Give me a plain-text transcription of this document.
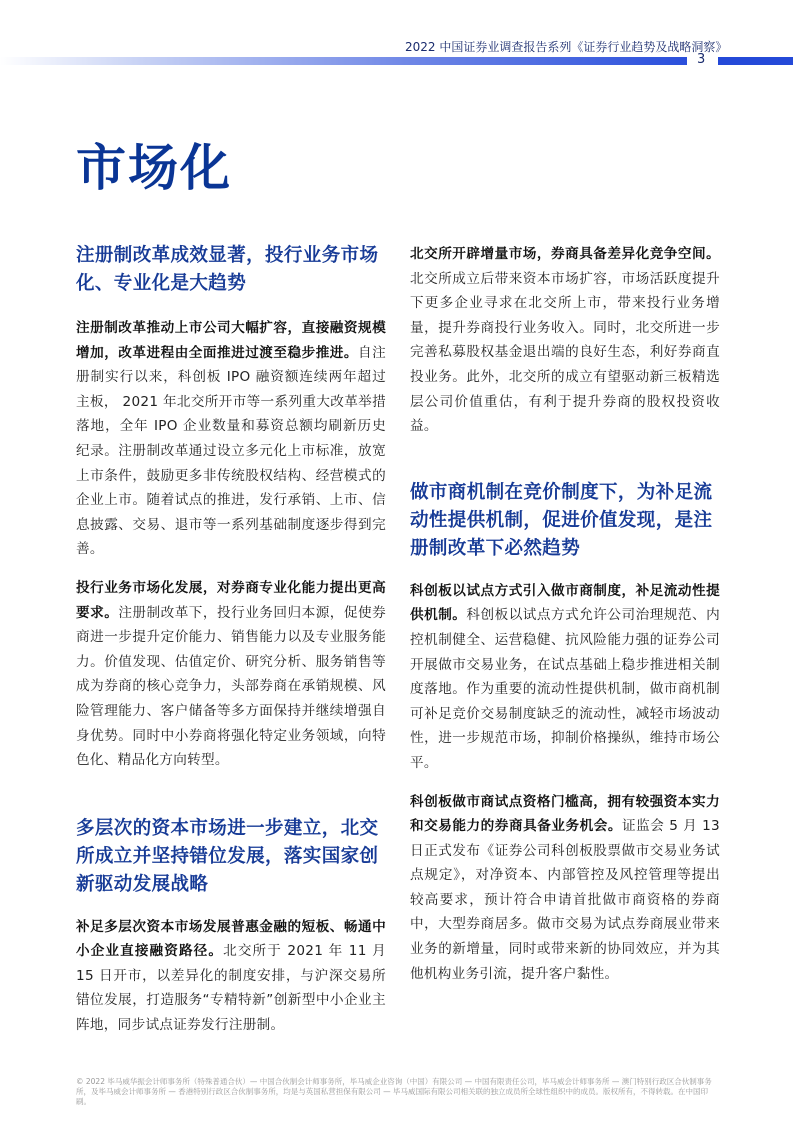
2022 中国证券业调查报告系列《证券行业趋势及战略洞察》
3
市场化
注册制改革成效显著，投行业务市场化、专业化是大趋势
注册制改革推动上市公司大幅扩容，直接融资规模增加，改革进程由全面推进过渡至稳步推进。自注册制实行以来，科创板 IPO 融资额连续两年超过主板， 2021 年北交所开市等一系列重大改革举措落地，全年 IPO 企业数量和募资总额均刷新历史纪录。注册制改革通过设立多元化上市标准，放宽上市条件，鼓励更多非传统股权结构、经营模式的企业上市。随着试点的推进，发行承销、上市、信息披露、交易、退市等一系列基础制度逐步得到完善。
投行业务市场化发展，对券商专业化能力提出更高要求。注册制改革下，投行业务回归本源，促使券商进一步提升定价能力、销售能力以及专业服务能力。价值发现、估值定价、研究分析、服务销售等成为券商的核心竞争力，头部券商在承销规模、风险管理能力、客户储备等多方面保持并继续增强自身优势。同时中小券商将强化特定业务领域，向特色化、精品化方向转型。
多层次的资本市场进一步建立，北交所成立并坚持错位发展，落实国家创新驱动发展战略
补足多层次资本市场发展普惠金融的短板、畅通中小企业直接融资路径。北交所于 2021 年 11 月 15 日开市，以差异化的制度安排，与沪深交易所错位发展，打造服务“专精特新”创新型中小企业主阵地，同步试点证券发行注册制。
北交所开辟增量市场，券商具备差异化竞争空间。北交所成立后带来资本市场扩容，市场活跃度提升下更多企业寻求在北交所上市，带来投行业务增量，提升券商投行业务收入。同时，北交所进一步完善私募股权基金退出端的良好生态，利好券商直投业务。此外，北交所的成立有望驱动新三板精选层公司价值重估，有利于提升券商的股权投资收益。
做市商机制在竞价制度下，为补足流动性提供机制，促进价值发现，是注册制改革下必然趋势
科创板以试点方式引入做市商制度，补足流动性提供机制。科创板以试点方式允许公司治理规范、内控机制健全、运营稳健、抗风险能力强的证券公司开展做市交易业务，在试点基础上稳步推进相关制度落地。作为重要的流动性提供机制，做市商机制可补足竞价交易制度缺乏的流动性，减轻市场波动性，进一步规范市场，抑制价格操纵，维持市场公平。
科创板做市商试点资格门槛高，拥有较强资本实力和交易能力的券商具备业务机会。证监会 5 月 13 日正式发布《证券公司科创板股票做市交易业务试点规定》，对净资本、内部管控及风控管理等提出较高要求，预计符合申请首批做市商资格的券商中，大型券商居多。做市交易为试点券商展业带来业务的新增量，同时或带来新的协同效应，并为其他机构业务引流，提升客户黏性。
© 2022 毕马威华振会计师事务所（特殊普通合伙）— 中国合伙制会计师事务所，毕马威企业咨询（中国）有限公司 — 中国有限责任公司，毕马威会计师事务所 — 澳门特别行政区合伙制事务所，及毕马威会计师事务所 — 香港特别行政区合伙制事务所，均是与英国私营担保有限公司 — 毕马威国际有限公司相关联的独立成员所全球性组织中的成员。版权所有，不得转载。在中国印刷。
